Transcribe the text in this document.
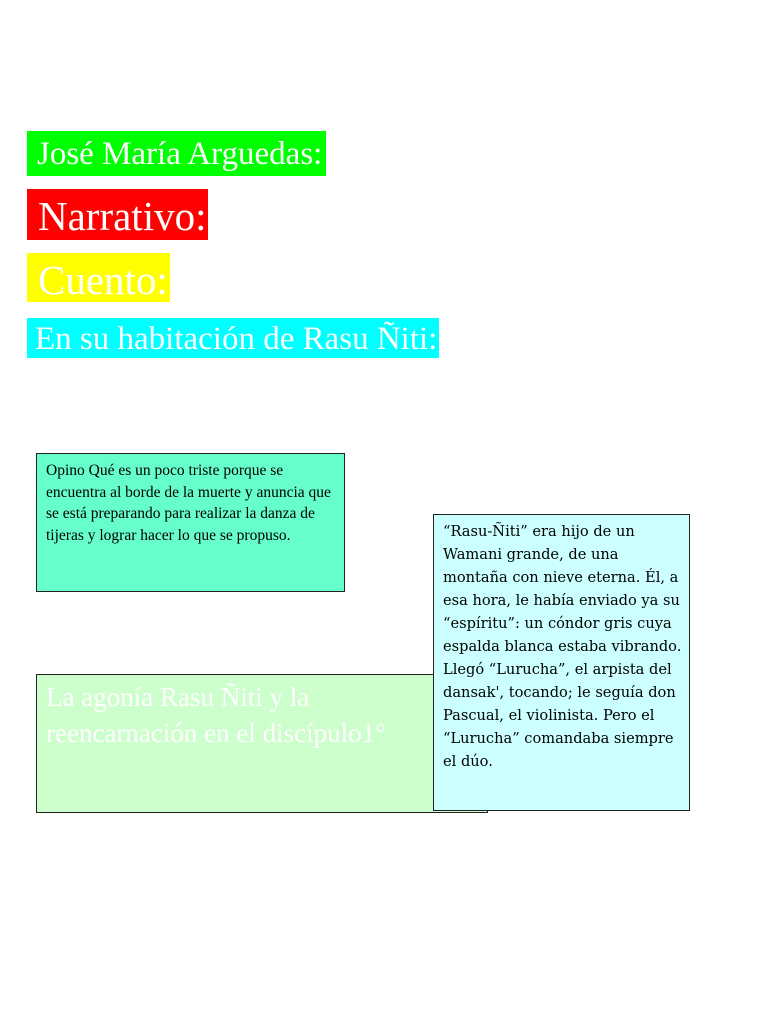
José María Arguedas:
Narrativo:
Cuento:
En su habitación de Rasu Ñiti:
Opino Qué es un poco triste porque se encuentra al borde de la muerte y anuncia que se está preparando para realizar la danza de tijeras y lograr hacer lo que se propuso.
La agonía Rasu Ñiti y la
reencarnación en el discípulo1°
“Rasu-Ñiti” era hijo de un Wamani grande, de una montaña con nieve eterna. Él, a esa hora, le había enviado ya su “espíritu”: un cóndor gris cuya espalda blanca estaba vibrando. Llegó “Lurucha”, el arpista del dansak', tocando; le seguía don Pascual, el violinista. Pero el “Lurucha” comandaba siempre el dúo.
